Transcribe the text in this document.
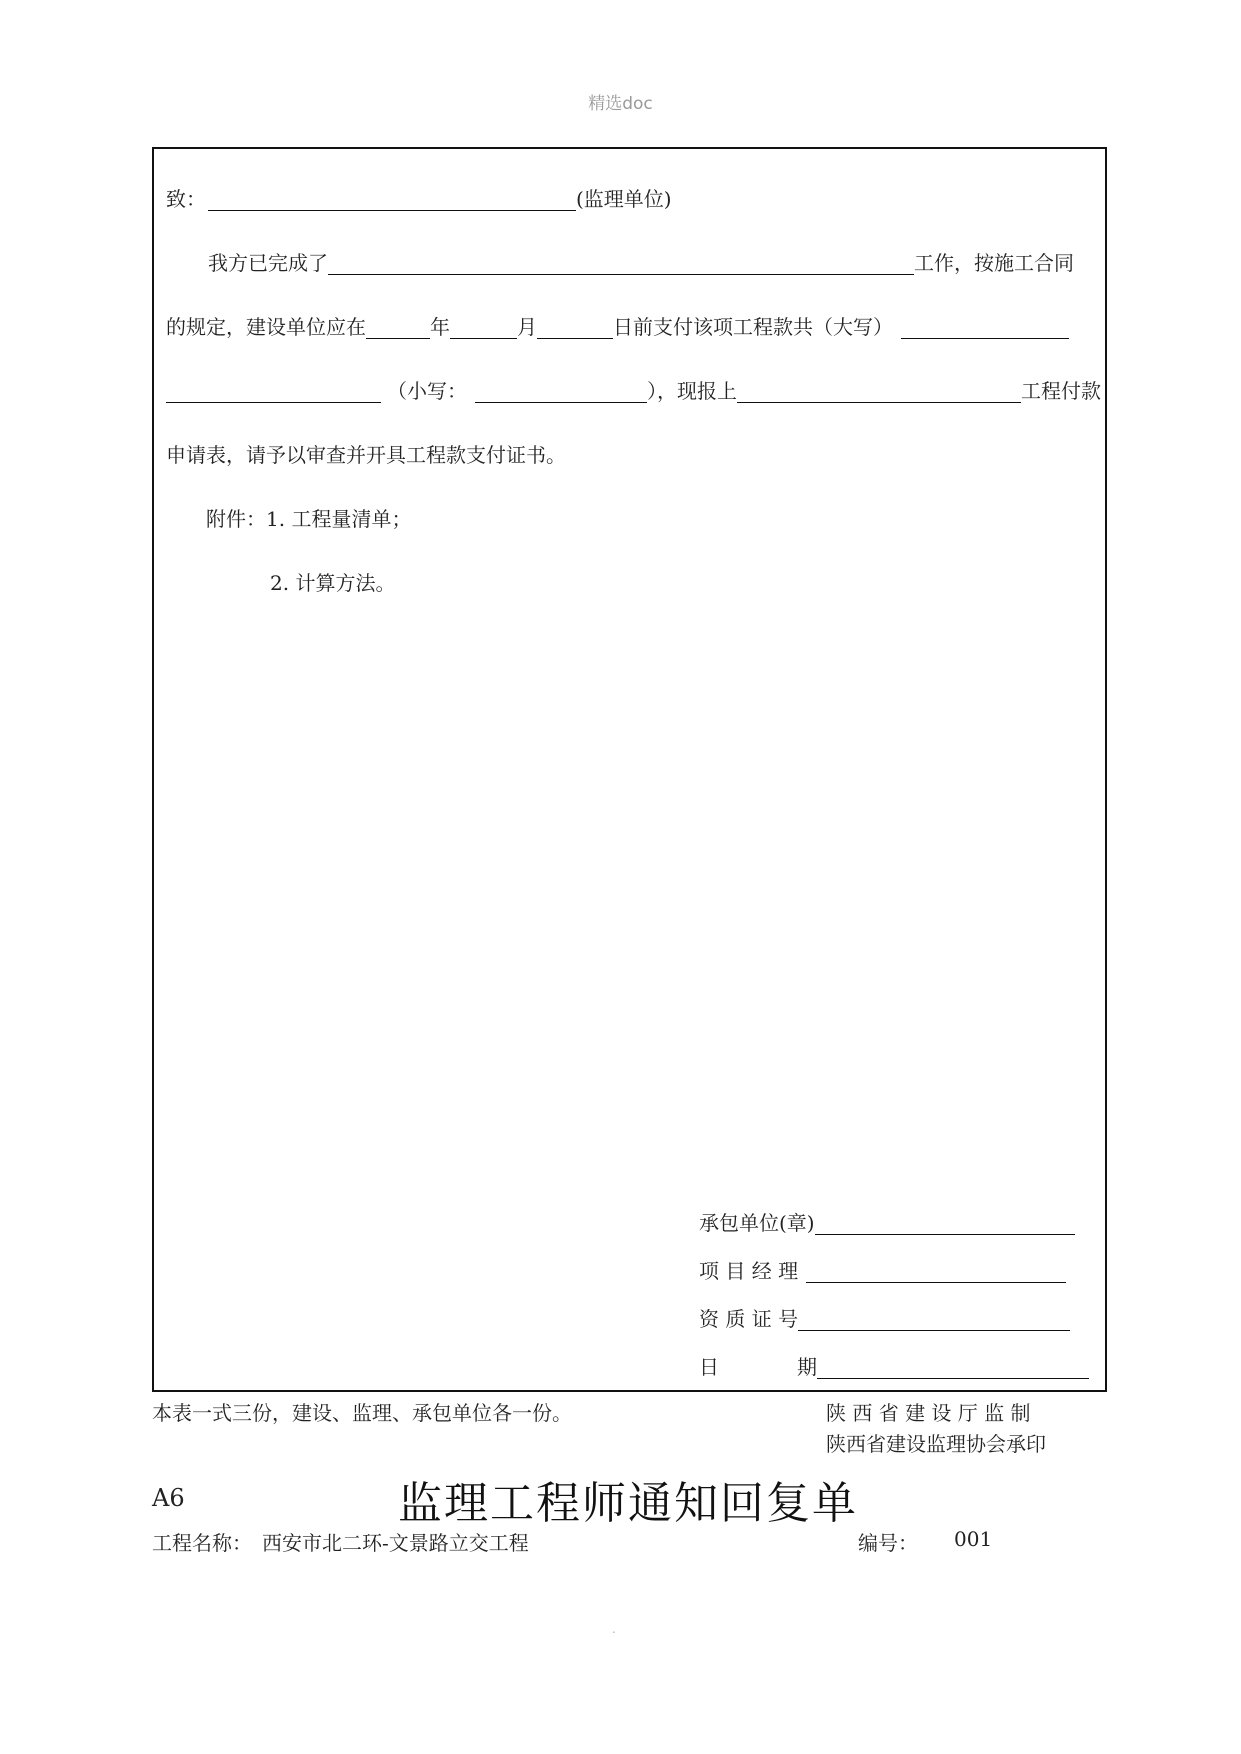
精选doc
致：	(监理单位)
我方已完成了	工作，按施工合同
的规定，建设单位应在	年	月	日前支付该项工程款共（大写）
（小写：	），现报上	工程付款
申请表，请予以审查并开具工程款支付证书。
附件： 1. 工程量清单；
2. 计算方法。
承包单位(章)
项 目 经 理
资 质 证 号
日	期
本表一式三份，建设、监理、承包单位各一份。	陕 西 省 建 设 厅 监 制
陕西省建设监理协会承印
A6	监理工程师通知回复单
工程名称： 西安市北二环-文景路立交工程	编号： 001
.
